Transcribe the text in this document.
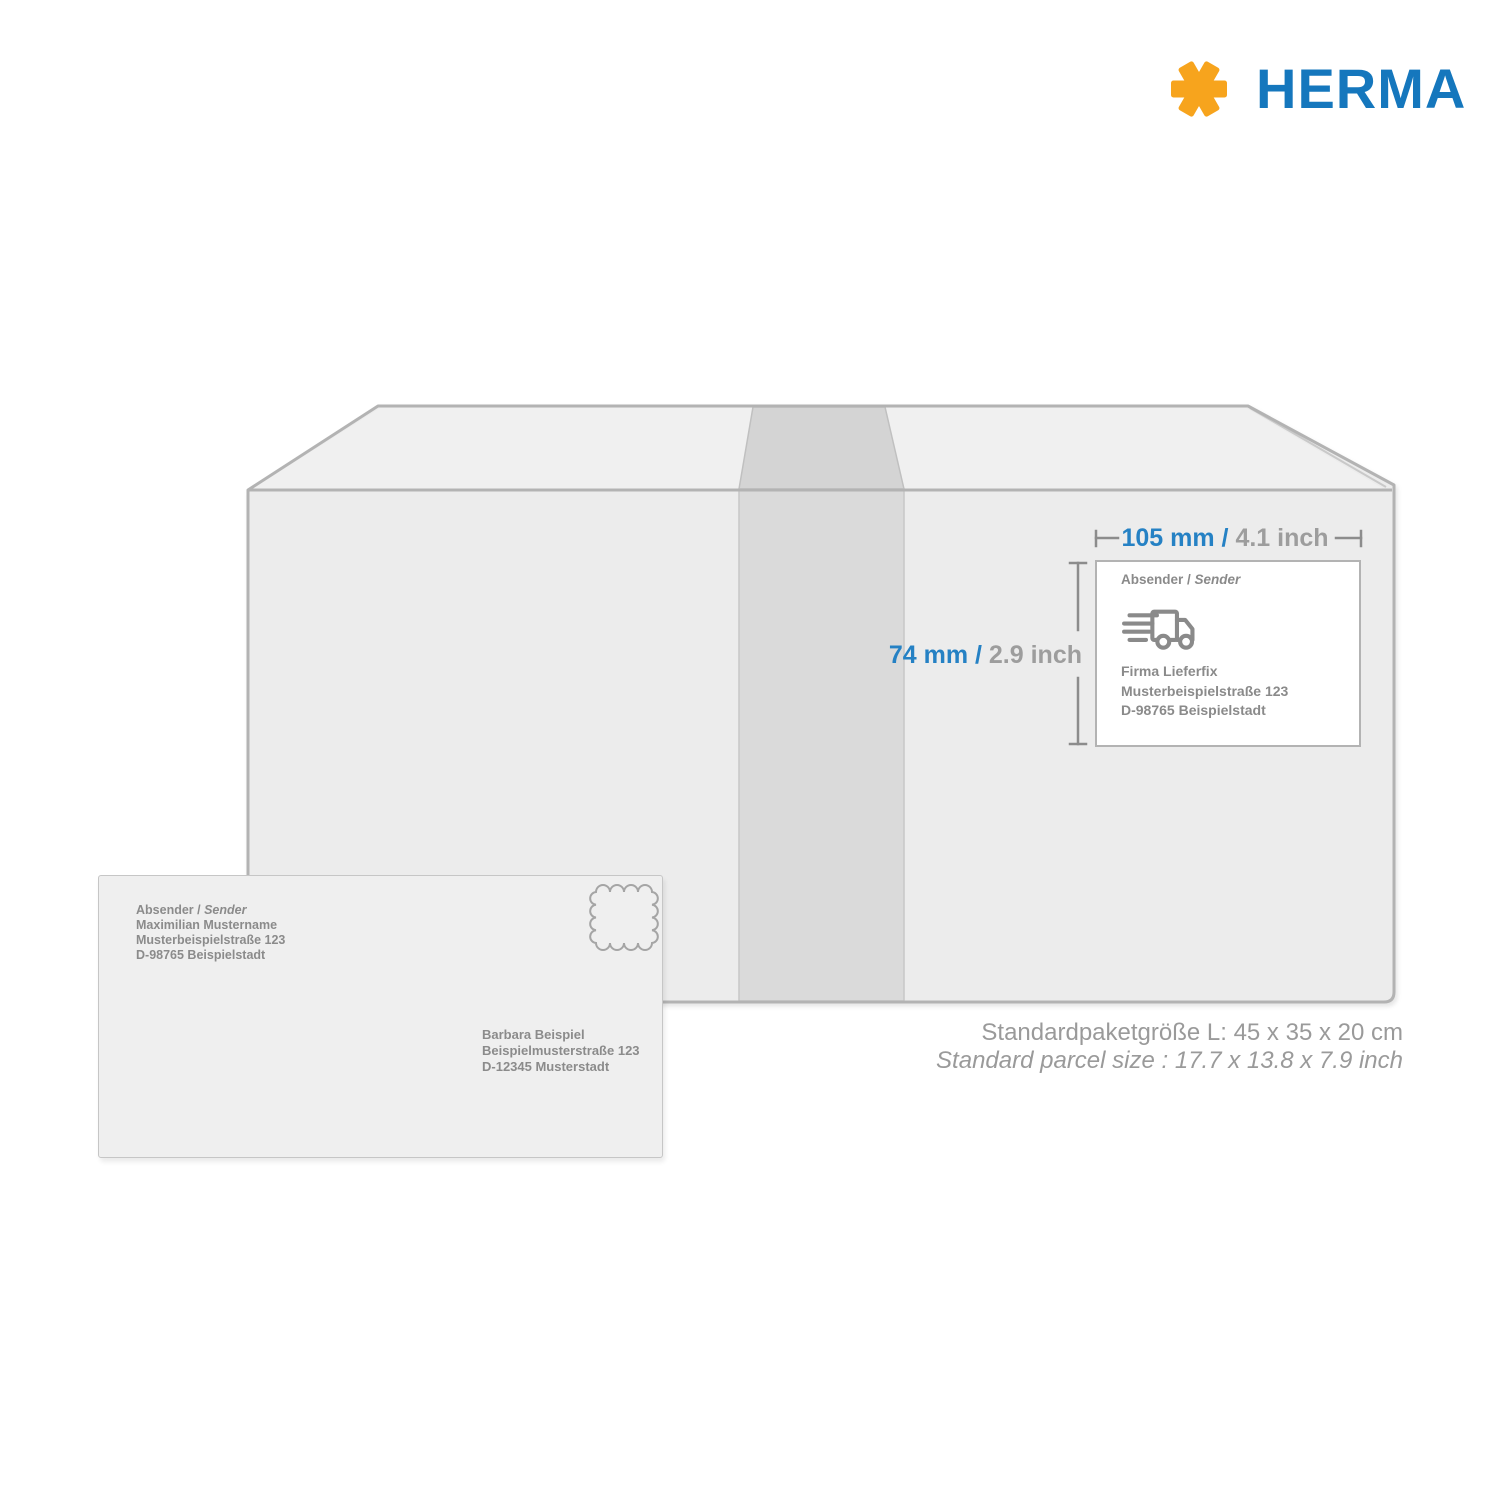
105 mm / 4.1 inch
74 mm / 2.9 inch
Absender / Sender
Firma Lieferfix
Musterbeispielstraße 123
D-98765 Beispielstadt
Absender / Sender
Maximilian Mustername
Musterbeispielstraße 123
D-98765 Beispielstadt
Barbara Beispiel
Beispielmusterstraße 123
D-12345 Musterstadt
Standardpaketgröße L: 45 x 35 x 20 cm
Standard parcel size : 17.7 x 13.8 x 7.9 inch
HERMA
